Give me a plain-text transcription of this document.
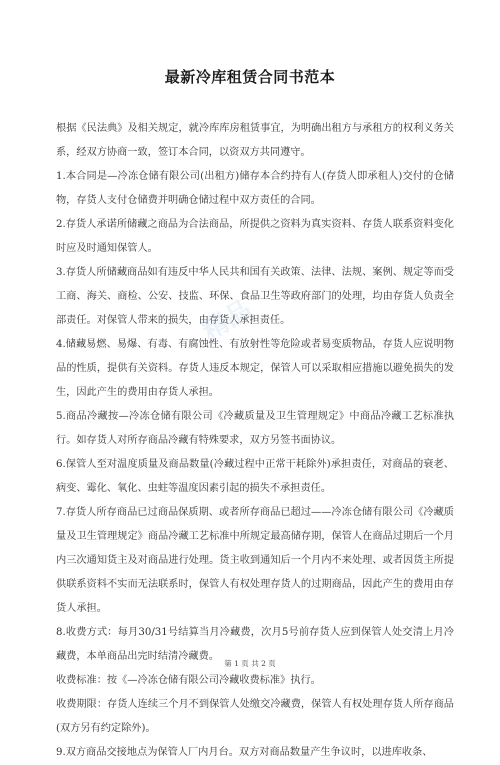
最新冷库租赁合同书范本

根据《民法典》及相关规定，就冷库库房租赁事宜，为明确出租方与承租方的权利义务关系，经双方协商一致，签订本合同，以资双方共同遵守。

1.本合同是—冷冻仓储有限公司(出租方)储存本合约持有人(存货人即承租人)交付的仓储物，存货人支付仓储费并明确仓储过程中双方责任的合同。

2.存货人承诺所储藏之商品为合法商品，所提供之资料为真实资料、存货人联系资料变化时应及时通知保管人。

3.存货人所储藏商品如有违反中华人民共和国有关政策、法律、法规、案例、规定等而受工商、海关、商检、公安、技监、环保、食品卫生等政府部门的处理，均由存货人负责全部责任。对保管人带来的损失，由存货人承担责任。

4.储藏易燃、易爆、有毒、有腐蚀性、有放射性等危险或者易变质物品，存货人应说明物品的性质，提供有关资料。存货人违反本规定，保管人可以采取相应措施以避免损失的发生，因此产生的费用由存货人承担。

5.商品冷藏按—冷冻仓储有限公司《冷藏质量及卫生管理规定》中商品冷藏工艺标准执行。如存货人对所存商品冷藏有特殊要求，双方另签书面协议。

6.保管人至对温度质量及商品数量(冷藏过程中正常干耗除外)承担责任，对商品的衰老、病变、霉化、氧化、虫蛀等温度因素引起的损失不承担责任。

7.存货人所存商品已过商品保质期、或者所存商品已超过——冷冻仓储有限公司《冷藏质量及卫生管理规定》商品冷藏工艺标准中所规定最高储存期，保管人在商品过期后一个月内三次通知货主及对商品进行处理。货主收到通知后一个月内不来处理、或者因货主所提供联系资料不实而无法联系时，保管人有权处理存货人的过期商品，因此产生的费用由存货人承担。

8.收费方式：每月30/31号结算当月冷藏费，次月5号前存货人应到保管人处交清上月冷藏费，本单商品出完时结清冷藏费。

收费标准：按《—冷冻仓储有限公司冷藏收费标准》执行。

收费期限：存货人连续三个月不到保管人处缴交冷藏费，保管人有权处理存货人所存商品(双方另有约定除外)。

9.双方商品交接地点为保管人厂内月台。双方对商品数量产生争议时，以进库收条、

精品
第 1 页 共 2 页
